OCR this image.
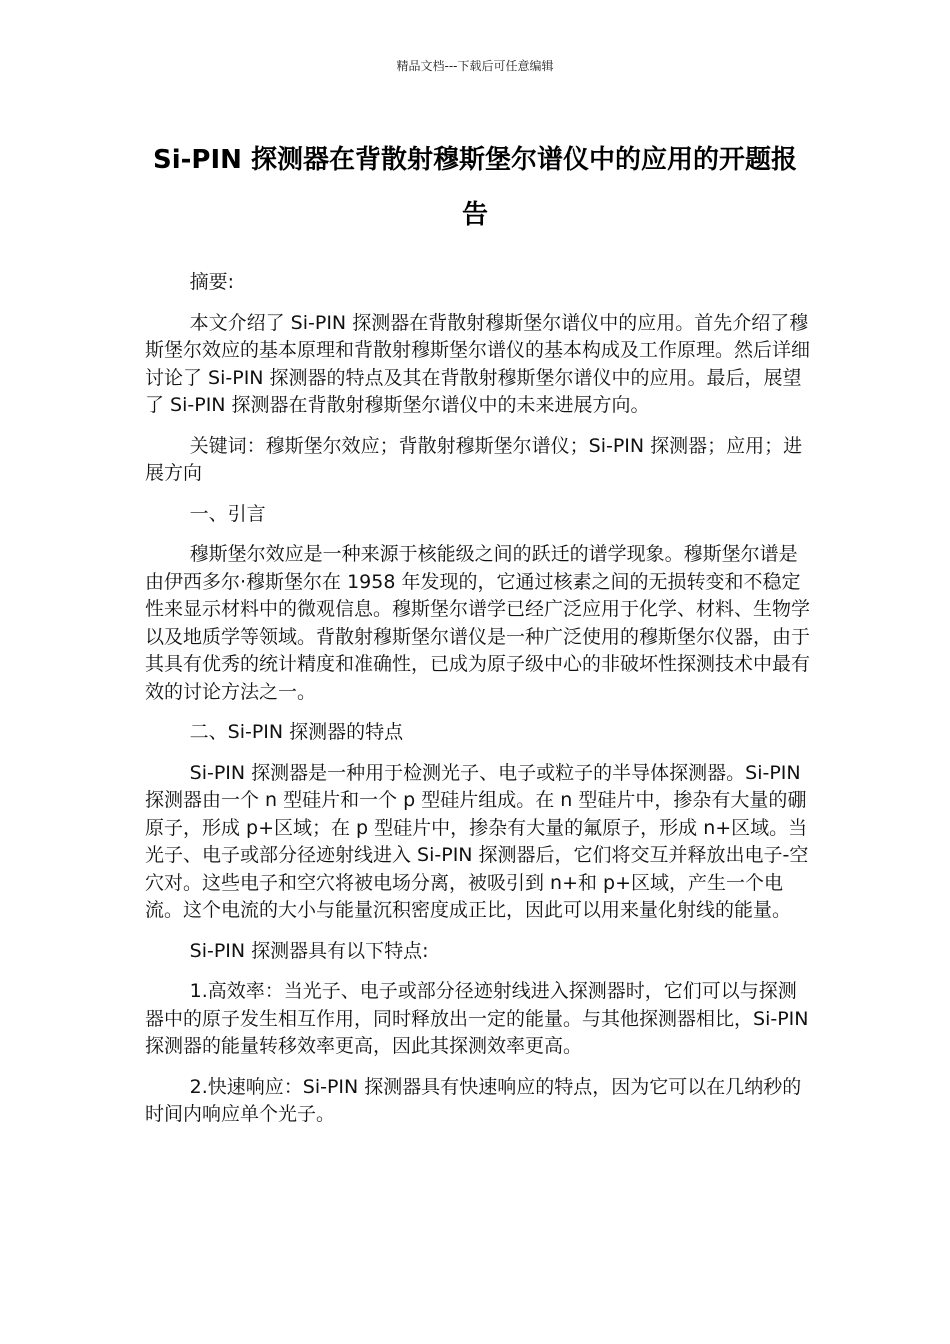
精品文档---下载后可任意编辑
Si-PIN 探测器在背散射穆斯堡尔谱仪中的应用的开题报告

摘要:

本文介绍了 Si-PIN 探测器在背散射穆斯堡尔谱仪中的应用。首先介绍了穆斯堡尔效应的基本原理和背散射穆斯堡尔谱仪的基本构成及工作原理。然后详细讨论了 Si-PIN 探测器的特点及其在背散射穆斯堡尔谱仪中的应用。最后，展望了 Si-PIN 探测器在背散射穆斯堡尔谱仪中的未来进展方向。

关键词：穆斯堡尔效应；背散射穆斯堡尔谱仪；Si-PIN 探测器；应用；进展方向

一、引言

穆斯堡尔效应是一种来源于核能级之间的跃迁的谱学现象。穆斯堡尔谱是由伊西多尔·穆斯堡尔在 1958 年发现的，它通过核素之间的无损转变和不稳定性来显示材料中的微观信息。穆斯堡尔谱学已经广泛应用于化学、材料、生物学以及地质学等领域。背散射穆斯堡尔谱仪是一种广泛使用的穆斯堡尔仪器，由于其具有优秀的统计精度和准确性，已成为原子级中心的非破坏性探测技术中最有效的讨论方法之一。

二、Si-PIN 探测器的特点

Si-PIN 探测器是一种用于检测光子、电子或粒子的半导体探测器。Si-PIN 探测器由一个 n 型硅片和一个 p 型硅片组成。在 n 型硅片中，掺杂有大量的硼原子，形成 p+区域；在 p 型硅片中，掺杂有大量的氟原子，形成 n+区域。当光子、电子或部分径迹射线进入 Si-PIN 探测器后，它们将交互并释放出电子-空穴对。这些电子和空穴将被电场分离，被吸引到 n+和 p+区域，产生一个电流。这个电流的大小与能量沉积密度成正比，因此可以用来量化射线的能量。

Si-PIN 探测器具有以下特点:

1.高效率：当光子、电子或部分径迹射线进入探测器时，它们可以与探测器中的原子发生相互作用，同时释放出一定的能量。与其他探测器相比，Si-PIN 探测器的能量转移效率更高，因此其探测效率更高。

2.快速响应：Si-PIN 探测器具有快速响应的特点，因为它可以在几纳秒的时间内响应单个光子。
